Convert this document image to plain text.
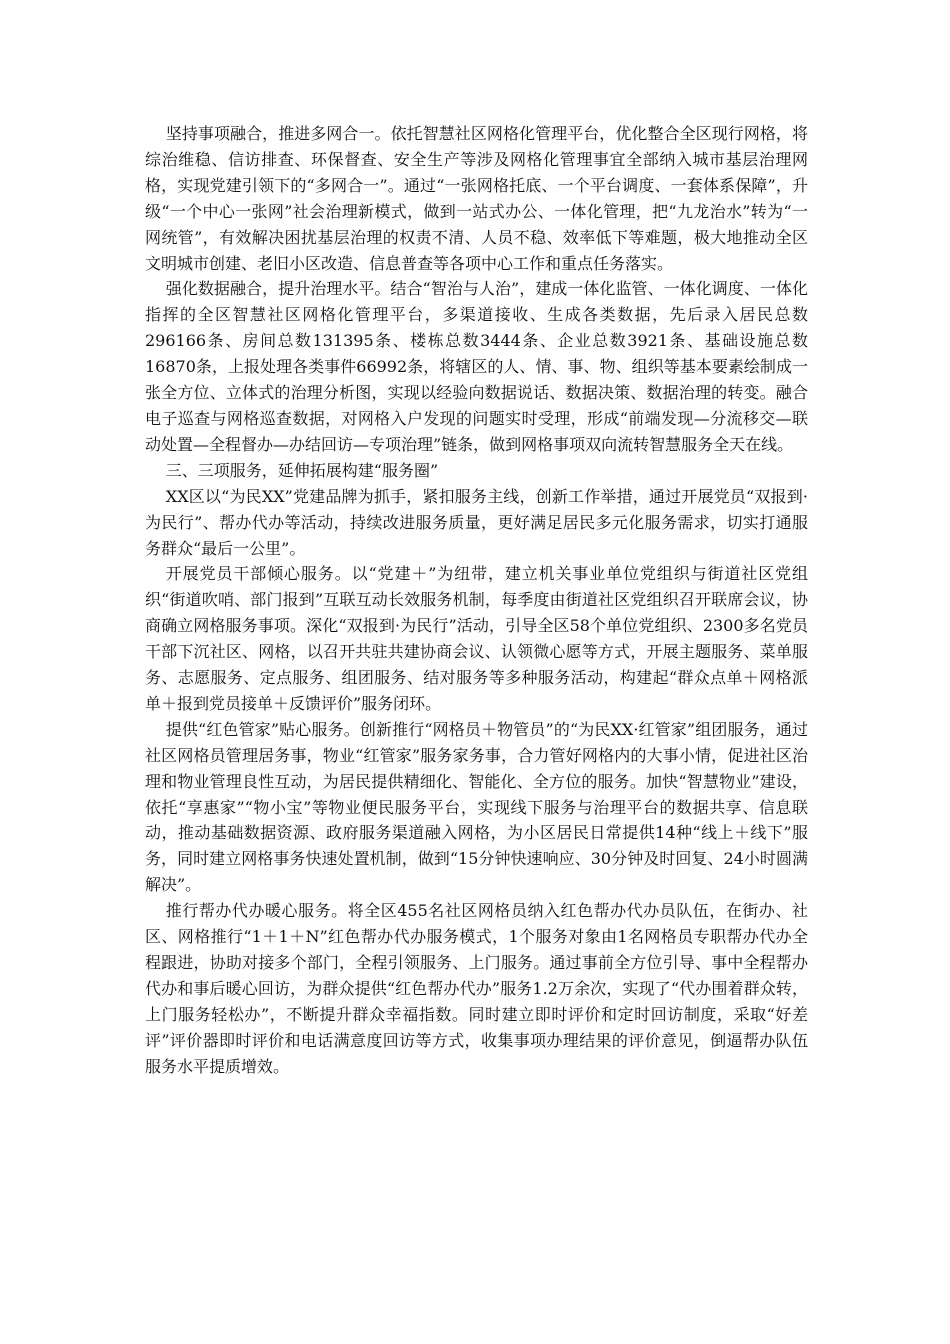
坚持事项融合，推进多网合一。依托智慧社区网格化管理平台，优化整合全区现行网格，将综治维稳、信访排查、环保督查、安全生产等涉及网格化管理事宜全部纳入城市基层治理网格，实现党建引领下的“多网合一”。通过“一张网格托底、一个平台调度、一套体系保障”，升级“一个中心一张网”社会治理新模式，做到一站式办公、一体化管理，把“九龙治水”转为“一网统管”，有效解决困扰基层治理的权责不清、人员不稳、效率低下等难题，极大地推动全区文明城市创建、老旧小区改造、信息普查等各项中心工作和重点任务落实。

强化数据融合，提升治理水平。结合“智治与人治”，建成一体化监管、一体化调度、一体化指挥的全区智慧社区网格化管理平台，多渠道接收、生成各类数据，先后录入居民总数296166条、房间总数131395条、楼栋总数3444条、企业总数3921条、基础设施总数16870条，上报处理各类事件66992条，将辖区的人、情、事、物、组织等基本要素绘制成一张全方位、立体式的治理分析图，实现以经验向数据说话、数据决策、数据治理的转变。融合电子巡查与网格巡查数据，对网格入户发现的问题实时受理，形成“前端发现—分流移交—联动处置—全程督办—办结回访—专项治理”链条，做到网格事项双向流转智慧服务全天在线。

三、三项服务，延伸拓展构建“服务圈”

XX区以“为民XX”党建品牌为抓手，紧扣服务主线，创新工作举措，通过开展党员“双报到·为民行”、帮办代办等活动，持续改进服务质量，更好满足居民多元化服务需求，切实打通服务群众“最后一公里”。

开展党员干部倾心服务。以“党建＋”为纽带，建立机关事业单位党组织与街道社区党组织“街道吹哨、部门报到”互联互动长效服务机制，每季度由街道社区党组织召开联席会议，协商确立网格服务事项。深化“双报到·为民行”活动，引导全区58个单位党组织、2300多名党员干部下沉社区、网格，以召开共驻共建协商会议、认领微心愿等方式，开展主题服务、菜单服务、志愿服务、定点服务、组团服务、结对服务等多种服务活动，构建起“群众点单＋网格派单＋报到党员接单＋反馈评价”服务闭环。

提供“红色管家”贴心服务。创新推行“网格员＋物管员”的“为民XX·红管家”组团服务，通过社区网格员管理居务事，物业“红管家”服务家务事，合力管好网格内的大事小情，促进社区治理和物业管理良性互动，为居民提供精细化、智能化、全方位的服务。加快“智慧物业”建设，依托“享惠家”“物小宝”等物业便民服务平台，实现线下服务与治理平台的数据共享、信息联动，推动基础数据资源、政府服务渠道融入网格，为小区居民日常提供14种“线上＋线下”服务，同时建立网格事务快速处置机制，做到“15分钟快速响应、30分钟及时回复、24小时圆满解决”。

推行帮办代办暖心服务。将全区455名社区网格员纳入红色帮办代办员队伍，在街办、社区、网格推行“1＋1＋N”红色帮办代办服务模式，1个服务对象由1名网格员专职帮办代办全程跟进，协助对接多个部门，全程引领服务、上门服务。通过事前全方位引导、事中全程帮办代办和事后暖心回访，为群众提供“红色帮办代办”服务1.2万余次，实现了“代办围着群众转，上门服务轻松办”，不断提升群众幸福指数。同时建立即时评价和定时回访制度，采取“好差评”评价器即时评价和电话满意度回访等方式，收集事项办理结果的评价意见，倒逼帮办队伍服务水平提质增效。
